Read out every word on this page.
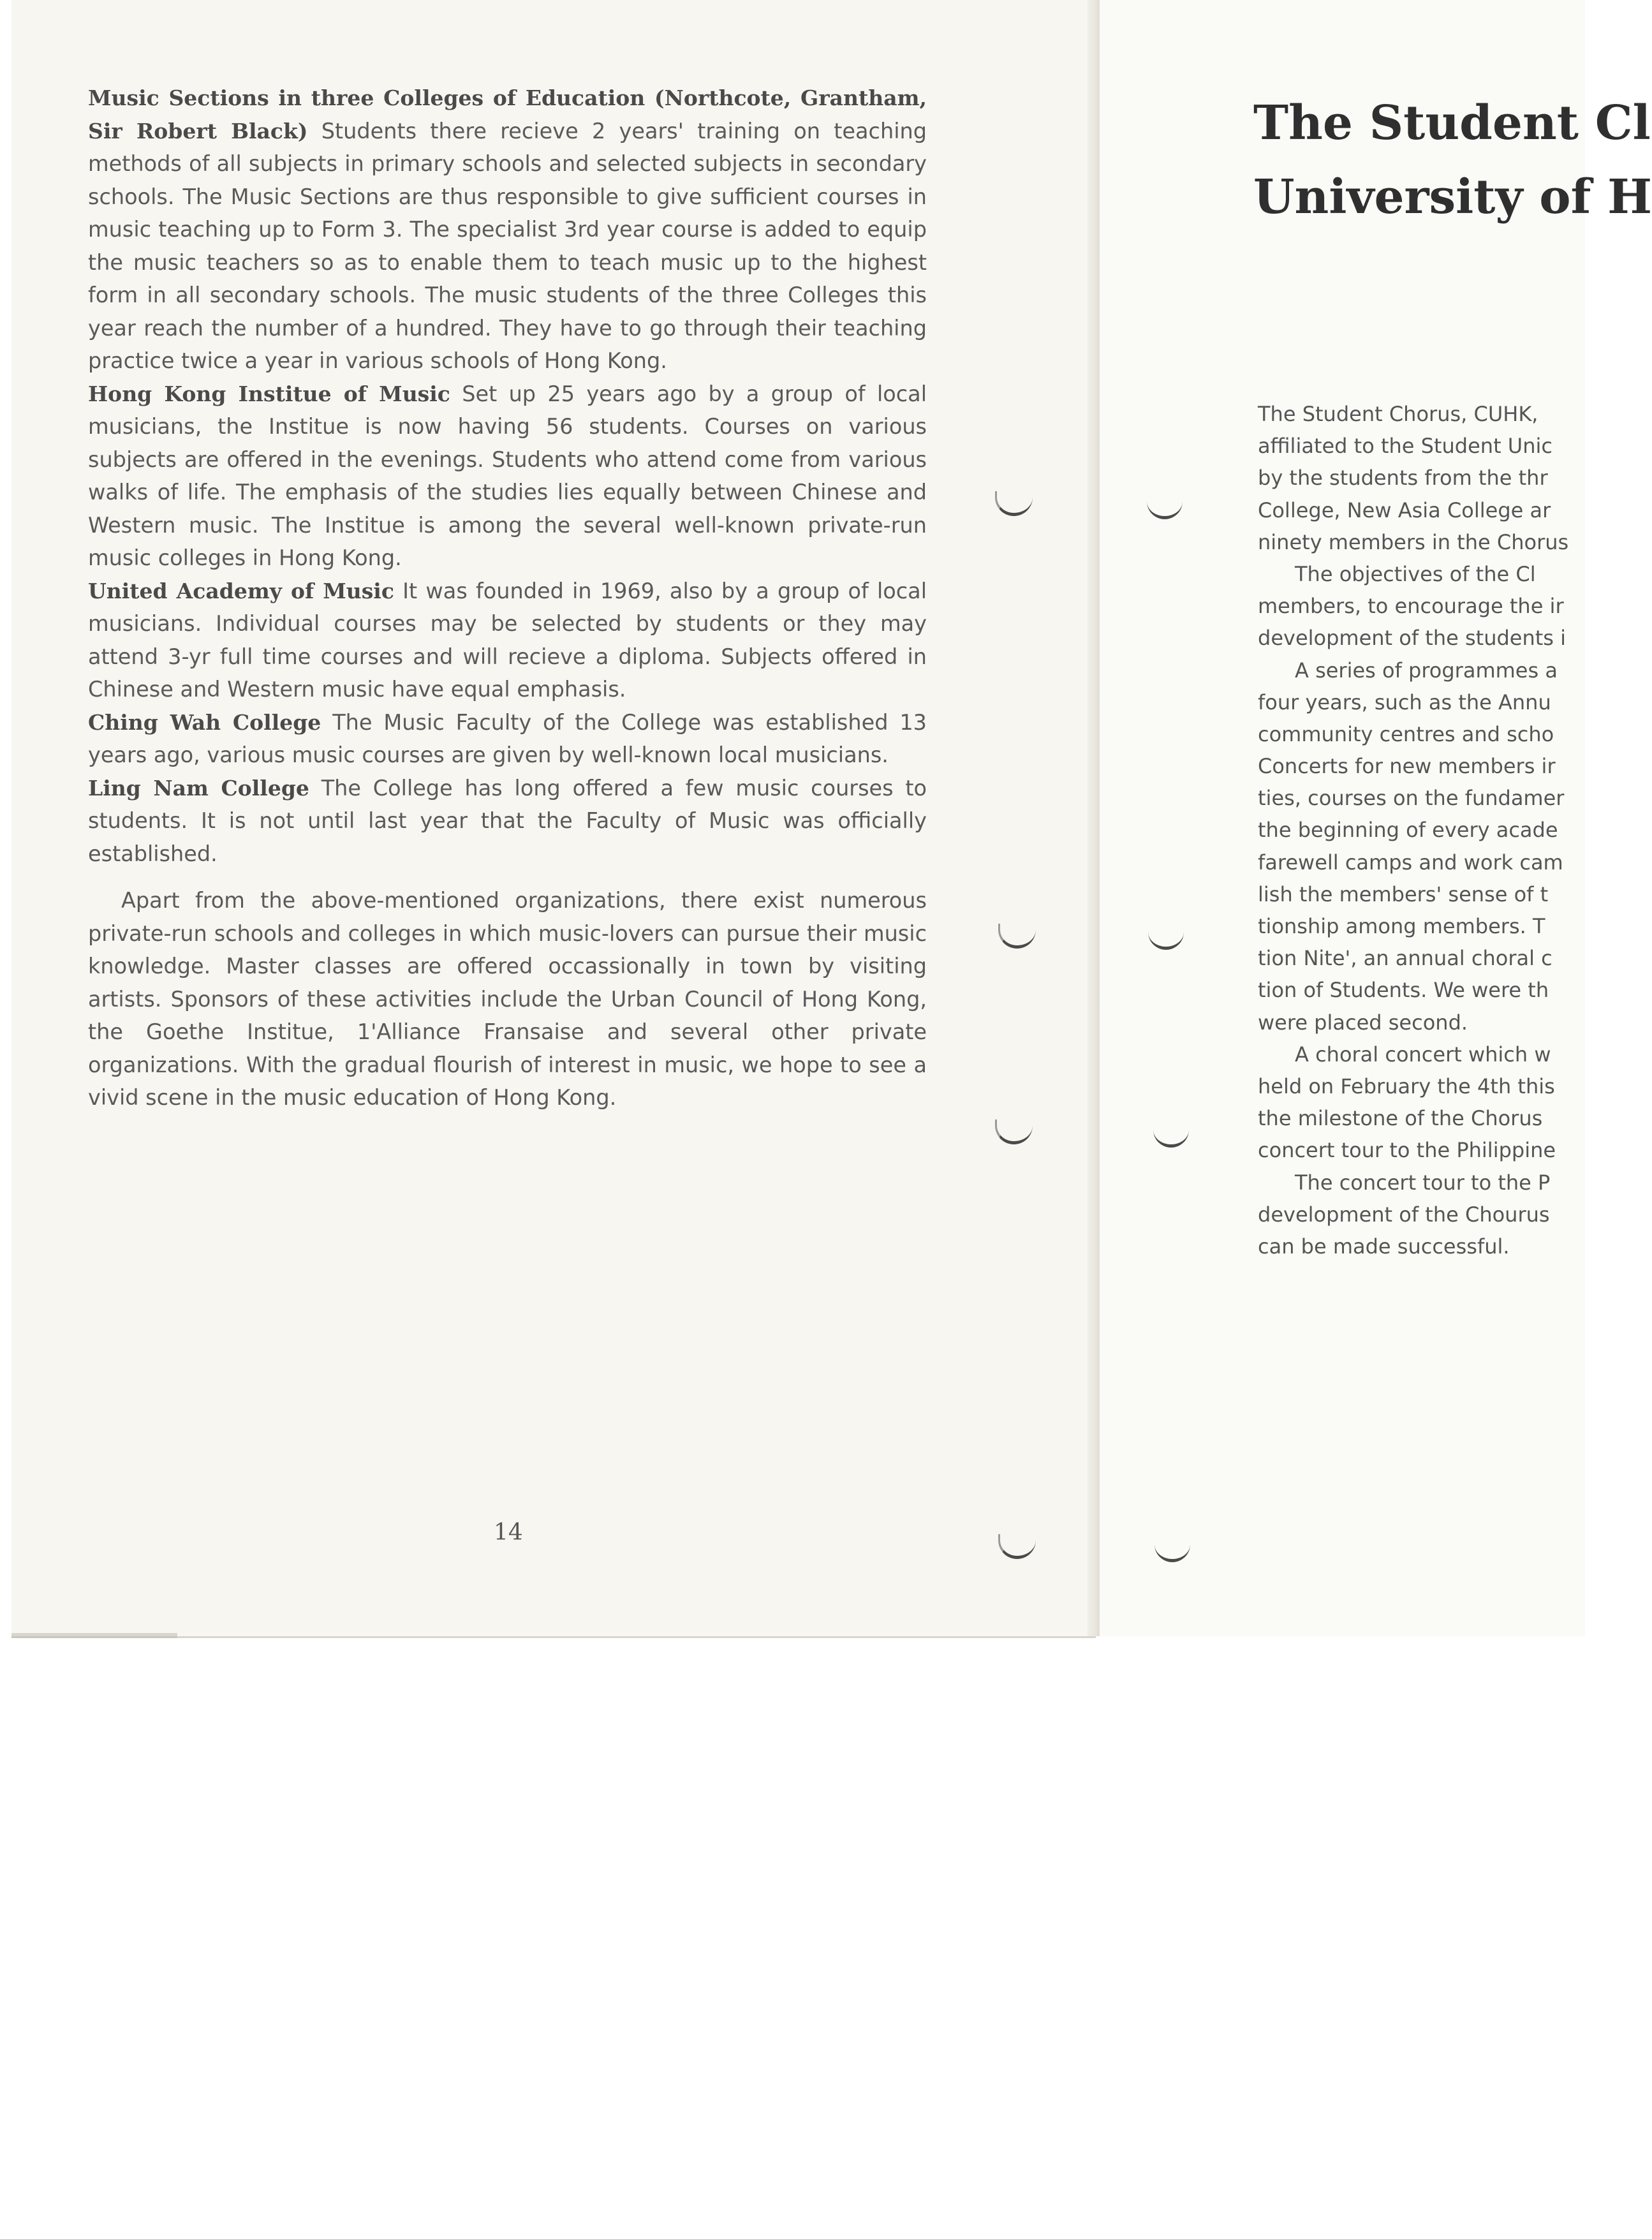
Music Sections in three Colleges of Education (Northcote, Grantham, Sir Robert Black) Students there recieve 2 years' training on teaching methods of all subjects in primary schools and selected subjects in secondary schools. The Music Sections are thus responsible to give sufficient courses in music teaching up to Form 3. The specialist 3rd year course is added to equip the music teachers so as to enable them to teach music up to the highest form in all secondary schools. The music students of the three Colleges this year reach the number of a hundred. They have to go through their teaching practice twice a year in various schools of Hong Kong.

Hong Kong Institue of Music Set up 25 years ago by a group of local musicians, the Institue is now having 56 students. Courses on various subjects are offered in the evenings. Students who attend come from various walks of life. The emphasis of the studies lies equally between Chinese and Western music. The Institue is among the several well-known private-run music colleges in Hong Kong.

United Academy of Music It was founded in 1969, also by a group of local musicians. Individual courses may be selected by students or they may attend 3-yr full time courses and will recieve a diploma. Subjects offered in Chinese and Western music have equal emphasis.

Ching Wah College The Music Faculty of the College was established 13 years ago, various music courses are given by well-known local musicians.

Ling Nam College The College has long offered a few music courses to students. It is not until last year that the Faculty of Music was officially established.

Apart from the above-mentioned organizations, there exist numerous private-run schools and colleges in which music-lovers can pursue their music knowledge. Master classes are offered occassionally in town by visiting artists. Sponsors of these activities include the Urban Council of Hong Kong, the Goethe Institue, 1'Alliance Fransaise and several other private organizations. With the gradual flourish of interest in music, we hope to see a vivid scene in the music education of Hong Kong.

14
The Student Cl
University of H
The Student Chorus, CUHK,
affiliated to the Student Unic
by the students from the thr
College, New Asia College ar
ninety members in the Chorus
The objectives of the Cl
members, to encourage the ir
development of the students i
A series of programmes a
four years, such as the Annu
community centres and scho
Concerts for new members ir
ties, courses on the fundamer
the beginning of every acade
farewell camps and work cam
lish the members' sense of t
tionship among members. T
tion Nite', an annual choral c
tion of Students. We were th
were placed second.
A choral concert which w
held on February the 4th this
the milestone of the Chorus
concert tour to the Philippine
The concert tour to the P
development of the Chourus
can be made successful.
